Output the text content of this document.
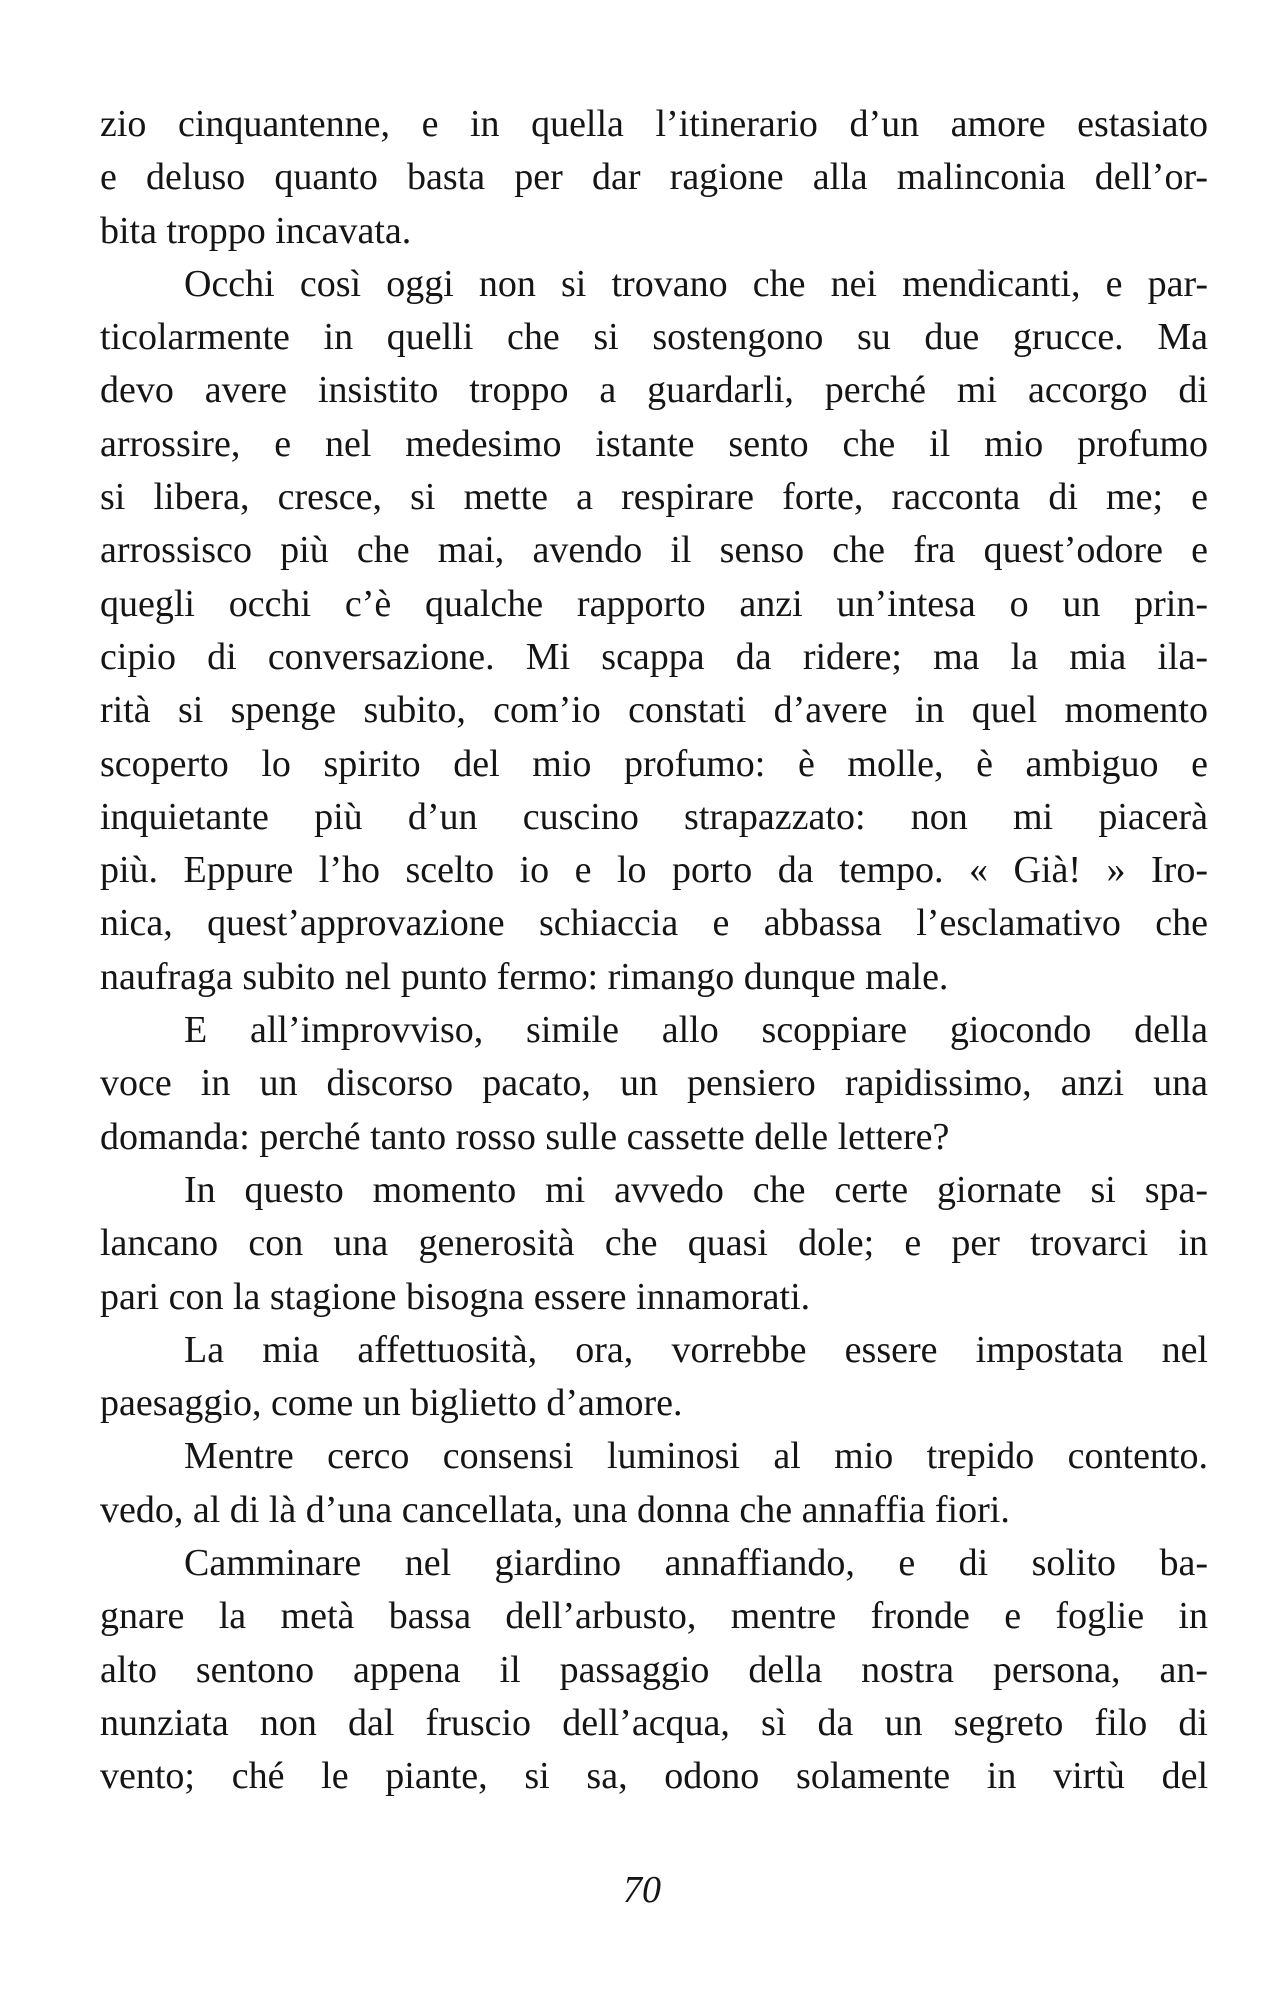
zio cinquantenne, e in quella l’itinerario d’un amore estasiato
e deluso quanto basta per dar ragione alla malinconia dell’or-
bita troppo incavata.
Occhi così oggi non si trovano che nei mendicanti, e par-
ticolarmente in quelli che si sostengono su due grucce. Ma
devo avere insistito troppo a guardarli, perché mi accorgo di
arrossire, e nel medesimo istante sento che il mio profumo
si libera, cresce, si mette a respirare forte, racconta di me; e
arrossisco più che mai, avendo il senso che fra quest’odore e
quegli occhi c’è qualche rapporto anzi un’intesa o un prin-
cipio di conversazione. Mi scappa da ridere; ma la mia ila-
rità si spenge subito, com’io constati d’avere in quel momento
scoperto lo spirito del mio profumo: è molle, è ambiguo e
inquietante più d’un cuscino strapazzato: non mi piacerà
più. Eppure l’ho scelto io e lo porto da tempo. « Già! » Iro-
nica, quest’approvazione schiaccia e abbassa l’esclamativo che
naufraga subito nel punto fermo: rimango dunque male.
E all’improvviso, simile allo scoppiare giocondo della
voce in un discorso pacato, un pensiero rapidissimo, anzi una
domanda: perché tanto rosso sulle cassette delle lettere?
In questo momento mi avvedo che certe giornate si spa-
lancano con una generosità che quasi dole; e per trovarci in
pari con la stagione bisogna essere innamorati.
La mia affettuosità, ora, vorrebbe essere impostata nel
paesaggio, come un biglietto d’amore.
Mentre cerco consensi luminosi al mio trepido contento.
vedo, al di là d’una cancellata, una donna che annaffia fiori.
Camminare nel giardino annaffiando, e di solito ba-
gnare la metà bassa dell’arbusto, mentre fronde e foglie in
alto sentono appena il passaggio della nostra persona, an-
nunziata non dal fruscio dell’acqua, sì da un segreto filo di
vento; ché le piante, si sa, odono solamente in virtù del
70
